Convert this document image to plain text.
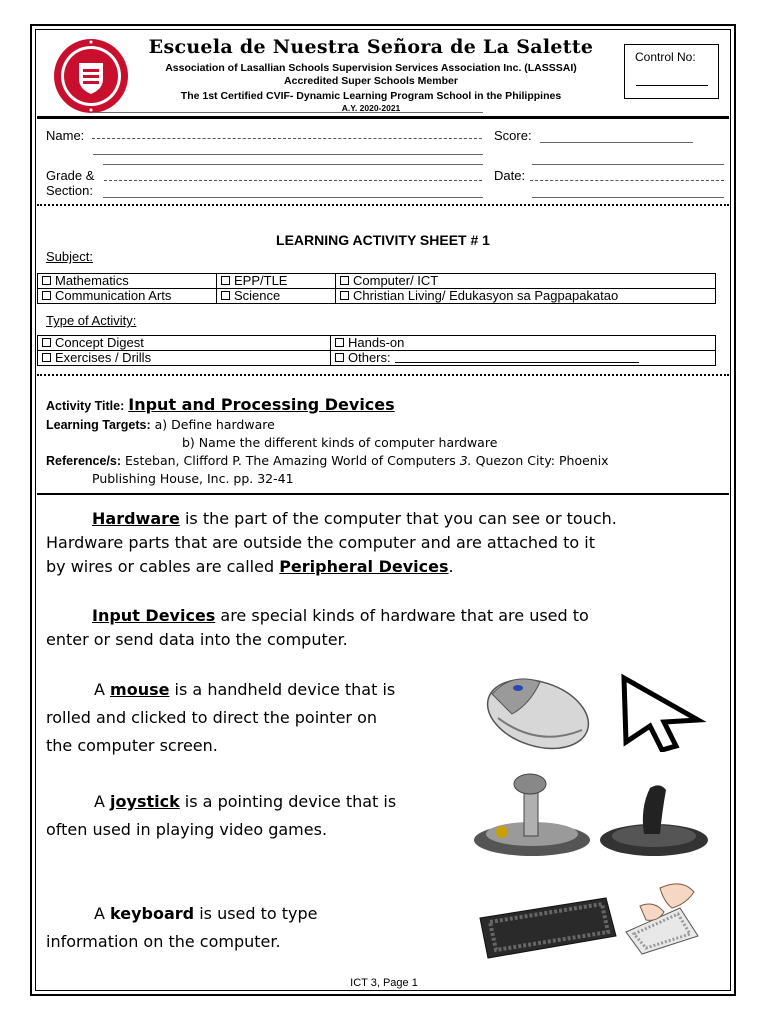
Escuela de Nuestra Señora de La Salette
Association of Lasallian Schools Supervision Services Association Inc. (LASSSAI)
Accredited Super Schools Member
The 1st Certified CVIF- Dynamic Learning Program School in the Philippines
A.Y. 2020-2021
Control No:
Name:	Score:
Grade &	Date:
Section:
LEARNING ACTIVITY SHEET # 1
Subject:
Mathematics	EPP/TLE	Computer/ ICT
Communication Arts	Science	Christian Living/ Edukasyon sa Pagpapakatao
Type of Activity:
Concept Digest	Hands-on
Exercises / Drills	Others:
Activity Title: Input and Processing Devices
Learning Targets: a) Define hardware
b) Name the different kinds of computer hardware
Reference/s: Esteban, Clifford P. The Amazing World of Computers 3. Quezon City: Phoenix
Publishing House, Inc. pp. 32-41
Hardware is the part of the computer that you can see or touch.
Hardware parts that are outside the computer and are attached to it
by wires or cables are called Peripheral Devices.
Input Devices are special kinds of hardware that are used to
enter or send data into the computer.
A mouse is a handheld device that is
rolled and clicked to direct the pointer on
the computer screen.
A joystick is a pointing device that is
often used in playing video games.
A keyboard is used to type
information on the computer.
ICT 3, Page 1
